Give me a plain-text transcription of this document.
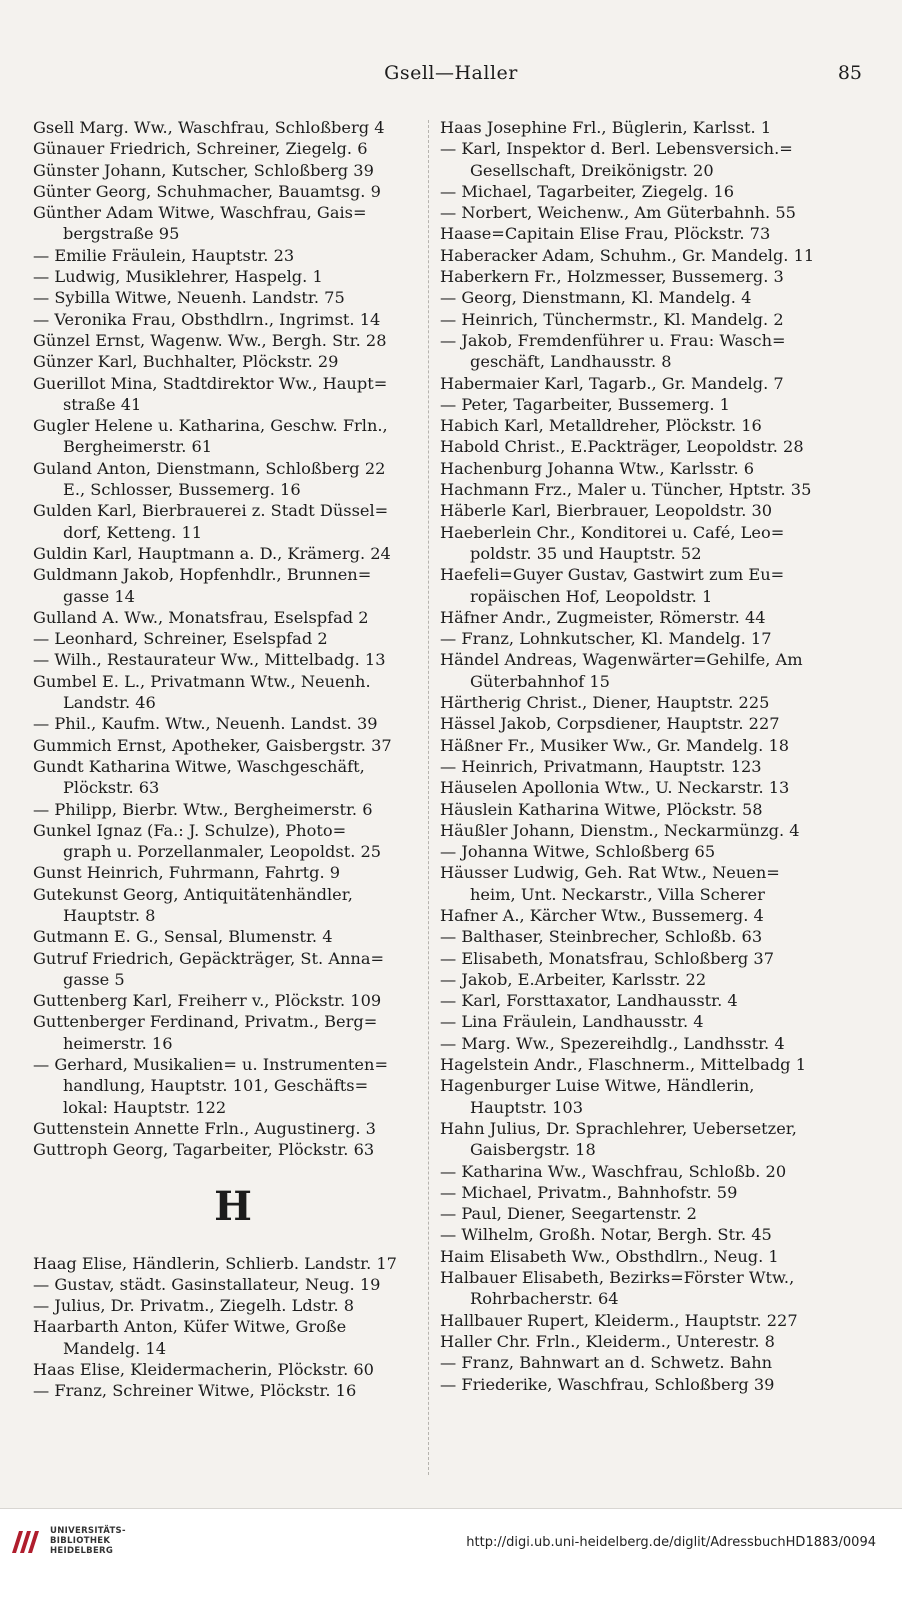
Gsell—Haller	85
Gsell Marg. Ww., Waschfrau, Schloßberg 4
Günauer Friedrich, Schreiner, Ziegelg. 6
Günster Johann, Kutscher, Schloßberg 39
Günter Georg, Schuhmacher, Bauamtsg. 9
Günther Adam Witwe, Waschfrau, Gais=
bergstraße 95
— Emilie Fräulein, Hauptstr. 23
— Ludwig, Musiklehrer, Haspelg. 1
— Sybilla Witwe, Neuenh. Landstr. 75
— Veronika Frau, Obsthdlrn., Ingrimst. 14
Günzel Ernst, Wagenw. Ww., Bergh. Str. 28
Günzer Karl, Buchhalter, Plöckstr. 29
Guerillot Mina, Stadtdirektor Ww., Haupt=
straße 41
Gugler Helene u. Katharina, Geschw. Frln.,
Bergheimerstr. 61
Guland Anton, Dienstmann, Schloßberg 22
E., Schlosser, Bussemerg. 16
Gulden Karl, Bierbrauerei z. Stadt Düssel=
dorf, Ketteng. 11
Guldin Karl, Hauptmann a. D., Krämerg. 24
Guldmann Jakob, Hopfenhdlr., Brunnen=
gasse 14
Gulland A. Ww., Monatsfrau, Eselspfad 2
— Leonhard, Schreiner, Eselspfad 2
— Wilh., Restaurateur Ww., Mittelbadg. 13
Gumbel E. L., Privatmann Wtw., Neuenh.
Landstr. 46
— Phil., Kaufm. Wtw., Neuenh. Landst. 39
Gummich Ernst, Apotheker, Gaisbergstr. 37
Gundt Katharina Witwe, Waschgeschäft,
Plöckstr. 63
— Philipp, Bierbr. Wtw., Bergheimerstr. 6
Gunkel Ignaz (Fa.: J. Schulze), Photo=
graph u. Porzellanmaler, Leopoldst. 25
Gunst Heinrich, Fuhrmann, Fahrtg. 9
Gutekunst Georg, Antiquitätenhändler,
Hauptstr. 8
Gutmann E. G., Sensal, Blumenstr. 4
Gutruf Friedrich, Gepäckträger, St. Anna=
gasse 5
Guttenberg Karl, Freiherr v., Plöckstr. 109
Guttenberger Ferdinand, Privatm., Berg=
heimerstr. 16
— Gerhard, Musikalien= u. Instrumenten=
handlung, Hauptstr. 101, Geschäfts=
lokal: Hauptstr. 122
Guttenstein Annette Frln., Augustinerg. 3
Guttroph Georg, Tagarbeiter, Plöckstr. 63
H
Haag Elise, Händlerin, Schlierb. Landstr. 17
— Gustav, städt. Gasinstallateur, Neug. 19
— Julius, Dr. Privatm., Ziegelh. Ldstr. 8
Haarbarth Anton, Küfer Witwe, Große
Mandelg. 14
Haas Elise, Kleidermacherin, Plöckstr. 60
— Franz, Schreiner Witwe, Plöckstr. 16
Haas Josephine Frl., Büglerin, Karlsst. 1
— Karl, Inspektor d. Berl. Lebensversich.=
Gesellschaft, Dreikönigstr. 20
— Michael, Tagarbeiter, Ziegelg. 16
— Norbert, Weichenw., Am Güterbahnh. 55
Haase=Capitain Elise Frau, Plöckstr. 73
Haberacker Adam, Schuhm., Gr. Mandelg. 11
Haberkern Fr., Holzmesser, Bussemerg. 3
— Georg, Dienstmann, Kl. Mandelg. 4
— Heinrich, Tünchermstr., Kl. Mandelg. 2
— Jakob, Fremdenführer u. Frau: Wasch=
geschäft, Landhausstr. 8
Habermaier Karl, Tagarb., Gr. Mandelg. 7
— Peter, Tagarbeiter, Bussemerg. 1
Habich Karl, Metalldreher, Plöckstr. 16
Habold Christ., E.Packträger, Leopoldstr. 28
Hachenburg Johanna Wtw., Karlsstr. 6
Hachmann Frz., Maler u. Tüncher, Hptstr. 35
Häberle Karl, Bierbrauer, Leopoldstr. 30
Haeberlein Chr., Konditorei u. Café, Leo=
poldstr. 35 und Hauptstr. 52
Haefeli=Guyer Gustav, Gastwirt zum Eu=
ropäischen Hof, Leopoldstr. 1
Häfner Andr., Zugmeister, Römerstr. 44
— Franz, Lohnkutscher, Kl. Mandelg. 17
Händel Andreas, Wagenwärter=Gehilfe, Am
Güterbahnhof 15
Härtherig Christ., Diener, Hauptstr. 225
Hässel Jakob, Corpsdiener, Hauptstr. 227
Häßner Fr., Musiker Ww., Gr. Mandelg. 18
— Heinrich, Privatmann, Hauptstr. 123
Häuselen Apollonia Wtw., U. Neckarstr. 13
Häuslein Katharina Witwe, Plöckstr. 58
Häußler Johann, Dienstm., Neckarmünzg. 4
— Johanna Witwe, Schloßberg 65
Häusser Ludwig, Geh. Rat Wtw., Neuen=
heim, Unt. Neckarstr., Villa Scherer
Hafner A., Kärcher Wtw., Bussemerg. 4
— Balthaser, Steinbrecher, Schloßb. 63
— Elisabeth, Monatsfrau, Schloßberg 37
— Jakob, E.Arbeiter, Karlsstr. 22
— Karl, Forsttaxator, Landhausstr. 4
— Lina Fräulein, Landhausstr. 4
— Marg. Ww., Spezereihdlg., Landhsstr. 4
Hagelstein Andr., Flaschnerm., Mittelbadg 1
Hagenburger Luise Witwe, Händlerin,
Hauptstr. 103
Hahn Julius, Dr. Sprachlehrer, Uebersetzer,
Gaisbergstr. 18
— Katharina Ww., Waschfrau, Schloßb. 20
— Michael, Privatm., Bahnhofstr. 59
— Paul, Diener, Seegartenstr. 2
— Wilhelm, Großh. Notar, Bergh. Str. 45
Haim Elisabeth Ww., Obsthdlrn., Neug. 1
Halbauer Elisabeth, Bezirks=Förster Wtw.,
Rohrbacherstr. 64
Hallbauer Rupert, Kleiderm., Hauptstr. 227
Haller Chr. Frln., Kleiderm., Unterestr. 8
— Franz, Bahnwart an d. Schwetz. Bahn
— Friederike, Waschfrau, Schloßberg 39
UNIVERSITÄTS-
BIBLIOTHEK
HEIDELBERG
http://digi.ub.uni-heidelberg.de/diglit/AdressbuchHD1883/0094
